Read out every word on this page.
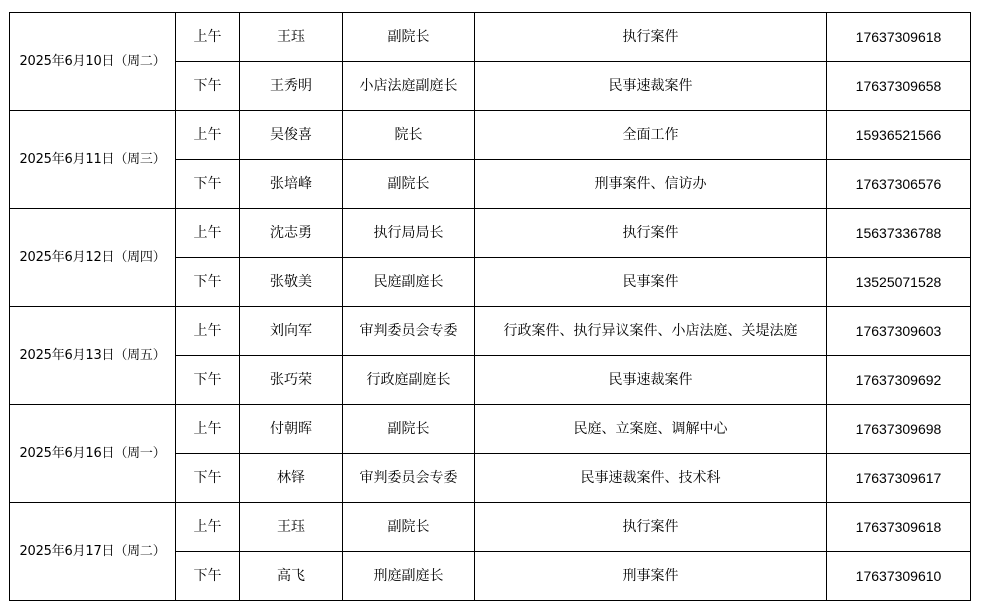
2025年6月10日（周二）	上午	王珏	副院长	执行案件	17637309618
	下午	王秀明	小店法庭副庭长	民事速裁案件	17637309658
2025年6月11日（周三）	上午	吴俊喜	院长	全面工作	15936521566
	下午	张培峰	副院长	刑事案件、信访办	17637306576
2025年6月12日（周四）	上午	沈志勇	执行局局长	执行案件	15637336788
	下午	张敬美	民庭副庭长	民事案件	13525071528
2025年6月13日（周五）	上午	刘向军	审判委员会专委	行政案件、执行异议案件、小店法庭、关堤法庭	17637309603
	下午	张巧荣	行政庭副庭长	民事速裁案件	17637309692
2025年6月16日（周一）	上午	付朝晖	副院长	民庭、立案庭、调解中心	17637309698
	下午	林铎	审判委员会专委	民事速裁案件、技术科	17637309617
2025年6月17日（周二）	上午	王珏	副院长	执行案件	17637309618
	下午	高飞	刑庭副庭长	刑事案件	17637309610
